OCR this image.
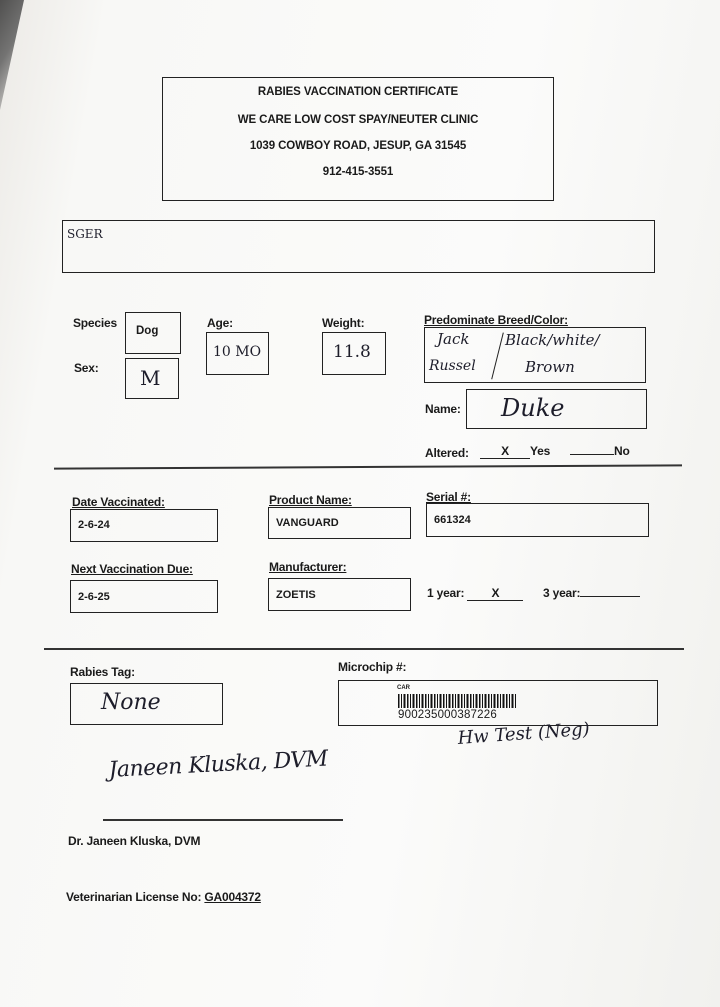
RABIES VACCINATION CERTIFICATE
WE CARE LOW COST SPAY/NEUTER CLINIC
1039 COWBOY ROAD, JESUP, GA 31545
912-415-3551
SGER
Species
Dog
Sex: M
Age:
10 MO
Weight:
11.8
Predominate Breed/Color:
Jack
Russel
Black/white/
Brown
Name: Duke
Altered:	X Yes	No
Date Vaccinated:
2-6-24
Product Name:
VANGUARD
Serial #:
661324
Next Vaccination Due:
2-6-25
Manufacturer:
ZOETIS	1 year: X	3 year:
Rabies Tag:
None
Microchip #:
CAR
900235000387226
Hw Test (Neg)
Janeen Kluska, DVM
Dr. Janeen Kluska, DVM
Veterinarian License No: GA004372
